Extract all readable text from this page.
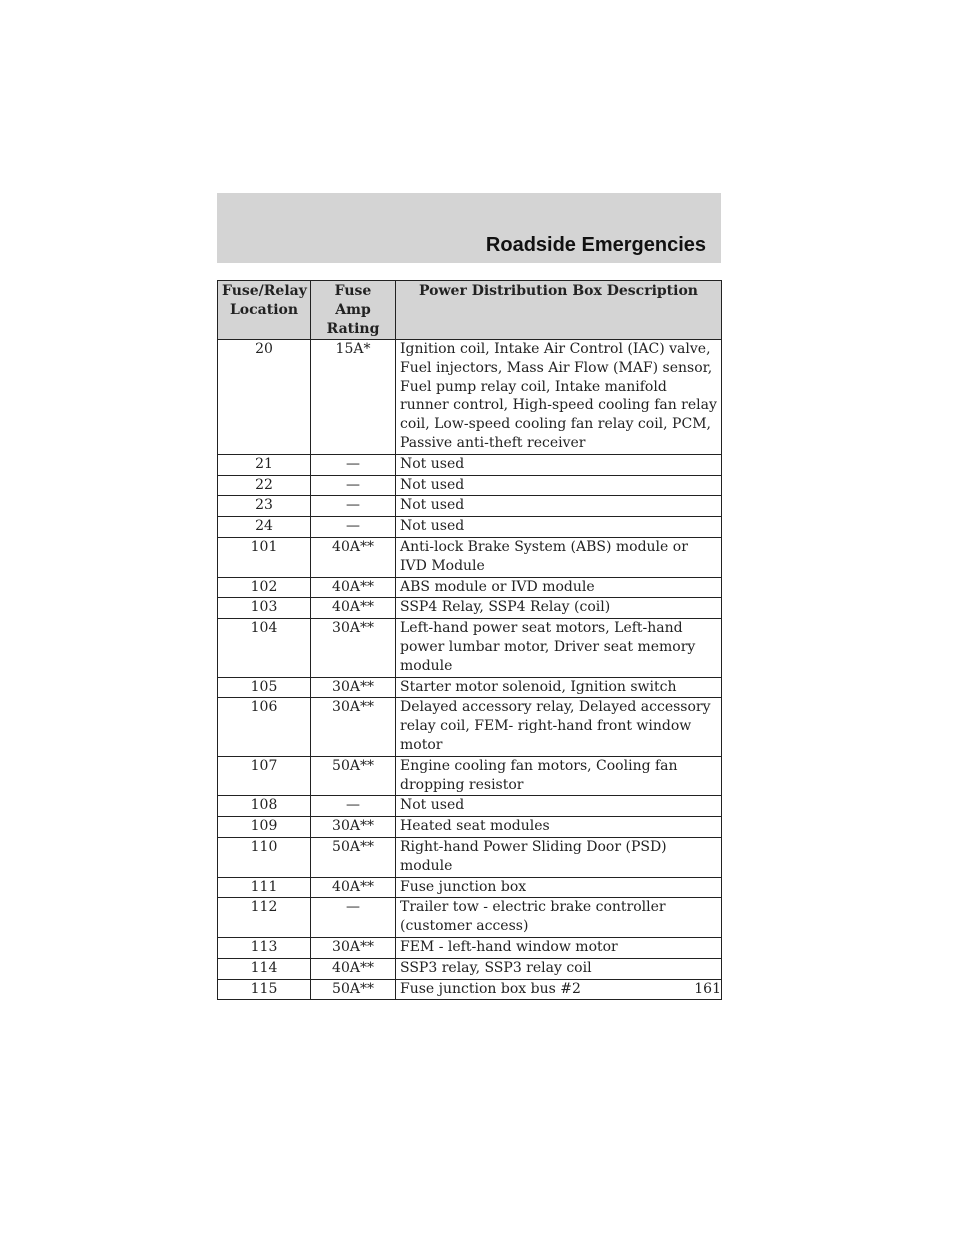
Roadside Emergencies
Fuse/Relay Location	Fuse Amp Rating	Power Distribution Box Description
20	15A*	Ignition coil, Intake Air Control (IAC) valve, Fuel injectors, Mass Air Flow (MAF) sensor, Fuel pump relay coil, Intake manifold runner control, High-speed cooling fan relay coil, Low-speed cooling fan relay coil, PCM, Passive anti-theft receiver
21	—	Not used
22	—	Not used
23	—	Not used
24	—	Not used
101	40A**	Anti-lock Brake System (ABS) module or IVD Module
102	40A**	ABS module or IVD module
103	40A**	SSP4 Relay, SSP4 Relay (coil)
104	30A**	Left-hand power seat motors, Left-hand power lumbar motor, Driver seat memory module
105	30A**	Starter motor solenoid, Ignition switch
106	30A**	Delayed accessory relay, Delayed accessory relay coil, FEM- right-hand front window motor
107	50A**	Engine cooling fan motors, Cooling fan dropping resistor
108	—	Not used
109	30A**	Heated seat modules
110	50A**	Right-hand Power Sliding Door (PSD) module
111	40A**	Fuse junction box
112	—	Trailer tow - electric brake controller (customer access)
113	30A**	FEM - left-hand window motor
114	40A**	SSP3 relay, SSP3 relay coil
115	50A**	Fuse junction box bus #2	161
